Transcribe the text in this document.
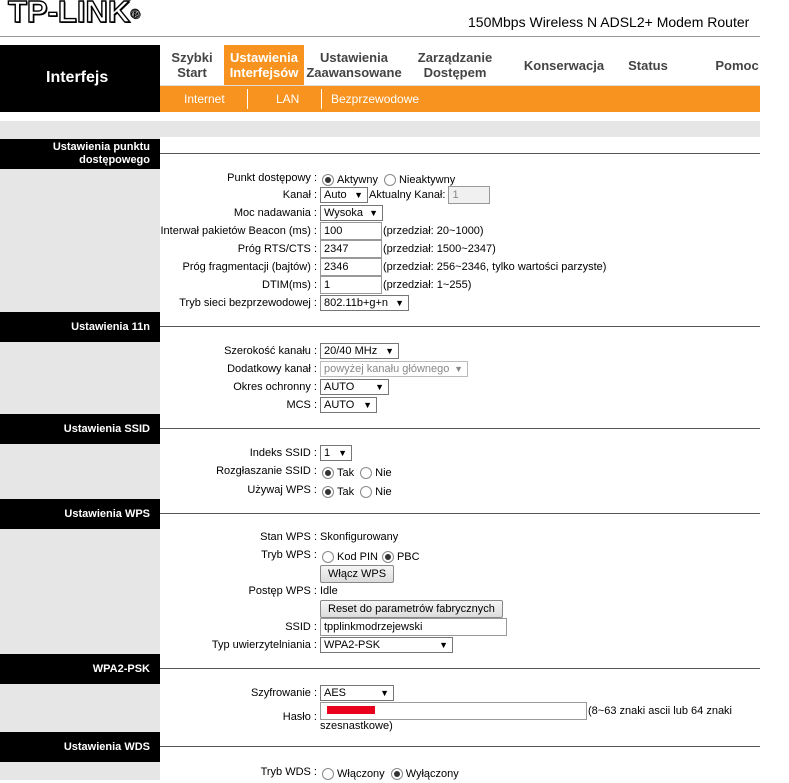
TP-LINK®
150Mbps Wireless N ADSL2+ Modem Router
Interfejs
Szybki
Start
Ustawienia
Interfejsów
Ustawienia
Zaawansowane
Zarządzanie
Dostępem	Konserwacja Status	Pomoc
Internet	LAN	Bezprzewodowe
Ustawienia punktu dostępowego
Punkt dostępowy : Aktywny Nieaktywny
Kanał : Auto ▼ Aktualny Kanał: 1
Moc nadawania : Wysoka ▼
Interwał pakietów Beacon (ms) : 100	(przedział: 20~1000)
Próg RTS/CTS : 2347	(przedział: 1500~2347)
Próg fragmentacji (bajtów) : 2346	(przedział: 256~2346, tylko wartości parzyste)
DTIM(ms) : 1	(przedział: 1~255)
Tryb sieci bezprzewodowej : 802.11b+g+n ▼
Ustawienia 11n
Szerokość kanału : 20/40 MHz ▼
Dodatkowy kanał : powyżej kanału głównego ▼
Okres ochronny : AUTO ▼
MCS : AUTO ▼
Ustawienia SSID
Indeks SSID : 1 ▼
Rozgłaszanie SSID : Tak Nie
Używaj WPS : Tak Nie
Ustawienia WPS
Stan WPS : Skonfigurowany
Tryb WPS : Kod PIN PBC
Włącz WPS
Postęp WPS : Idle
Reset do parametrów fabrycznych
SSID : tpplinkmodrzejewski
Typ uwierzytelniania : WPA2-PSK	▼
WPA2-PSK
Szyfrowanie : AES	▼
Hasło :	(8~63 znaki ascii lub 64 znaki
szesnastkowe)
Ustawienia WDS
Tryb WDS : Włączony Wyłączony
